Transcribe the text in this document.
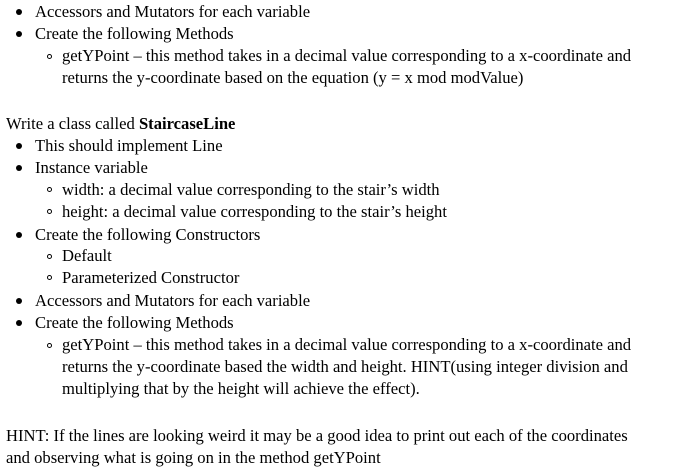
Accessors and Mutators for each variable
Create the following Methods
getYPoint – this method takes in a decimal value corresponding to a x-coordinate and
returns the y-coordinate based on the equation (y = x mod modValue)
Write a class called StaircaseLine
This should implement Line
Instance variable
width: a decimal value corresponding to the stair’s width
height: a decimal value corresponding to the stair’s height
Create the following Constructors
Default
Parameterized Constructor
Accessors and Mutators for each variable
Create the following Methods
getYPoint – this method takes in a decimal value corresponding to a x-coordinate and
returns the y-coordinate based the width and height. HINT(using integer division and
multiplying that by the height will achieve the effect).
HINT: If the lines are looking weird it may be a good idea to print out each of the coordinates
and observing what is going on in the method getYPoint
